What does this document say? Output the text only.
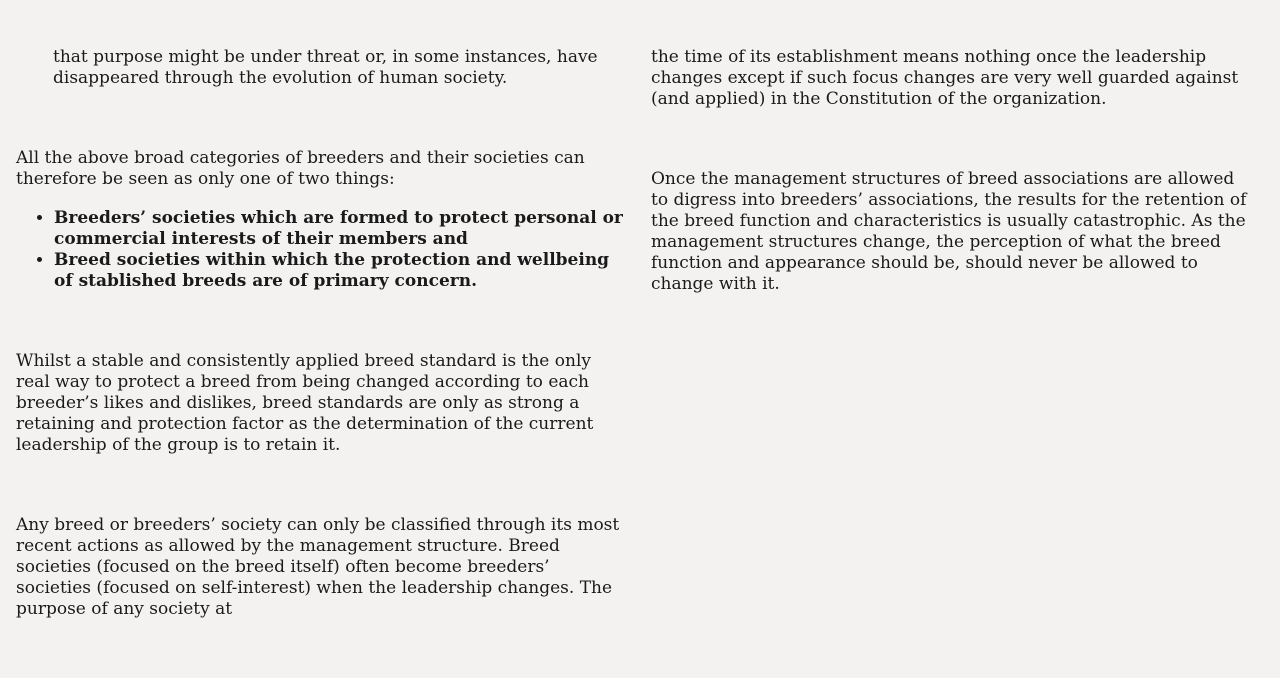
that purpose might be under threat or, in some instances, have disappeared through the evolution of human society.

All the above broad categories of breeders and their societies can therefore be seen as only one of two things:

• Breeders’ societies which are formed to protect personal or commercial interests of their members and
• Breed societies within which the protection and wellbeing of stablished breeds are of primary concern.

Whilst a stable and consistently applied breed standard is the only real way to protect a breed from being changed according to each breeder’s likes and dislikes, breed standards are only as strong a retaining and protection factor as the determination of the current leadership of the group is to retain it.

Any breed or breeders’ society can only be classified through its most recent actions as allowed by the management structure. Breed societies (focused on the breed itself) often become breeders’ societies (focused on self-interest) when the leadership changes. The purpose of any society at

the time of its establishment means nothing once the leadership changes except if such focus changes are very well guarded against (and applied) in the Constitution of the organization.

Once the management structures of breed associations are allowed to digress into breeders’ associations, the results for the retention of the breed function and characteristics is usually catastrophic. As the management structures change, the perception of what the breed function and appearance should be, should never be allowed to change with it.
